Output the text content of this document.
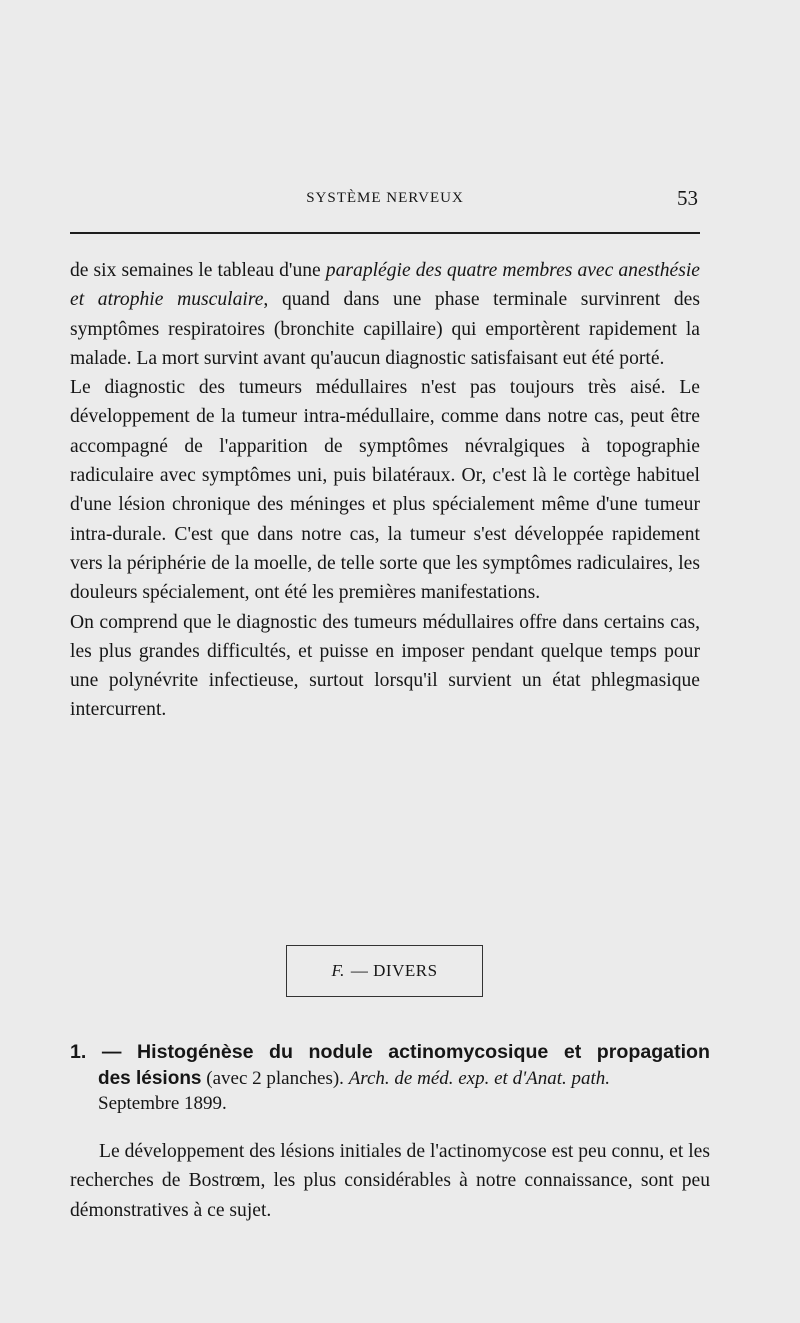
SYSTÈME NERVEUX	53

de six semaines le tableau d'une paraplégie des quatre membres avec anesthésie et atrophie musculaire, quand dans une phase terminale survinrent des symptômes respiratoires (bronchite capillaire) qui emportèrent rapidement la malade. La mort survint avant qu'aucun diagnostic satisfaisant eut été porté.

Le diagnostic des tumeurs médullaires n'est pas toujours très aisé. Le développement de la tumeur intra-médullaire, comme dans notre cas, peut être accompagné de l'apparition de symptômes névralgiques à topographie radiculaire avec symptômes uni, puis bilatéraux. Or, c'est là le cortège habituel d'une lésion chronique des méninges et plus spécialement même d'une tumeur intra-durale. C'est que dans notre cas, la tumeur s'est développée rapidement vers la périphérie de la moelle, de telle sorte que les symptômes radiculaires, les douleurs spécialement, ont été les premières manifestations.

On comprend que le diagnostic des tumeurs médullaires offre dans certains cas, les plus grandes difficultés, et puisse en imposer pendant quelque temps pour une polynévrite infectieuse, surtout lorsqu'il survient un état phlegmasique intercurrent.

F. — DIVERS
1. — Histogénèse du nodule actinomycosique et propagation
des lésions (avec 2 planches). Arch. de méd. exp. et d'Anat. path.
Septembre 1899.

Le développement des lésions initiales de l'actinomycose est peu connu, et les recherches de Bostrœm, les plus considérables à notre connaissance, sont peu démonstratives à ce sujet.
